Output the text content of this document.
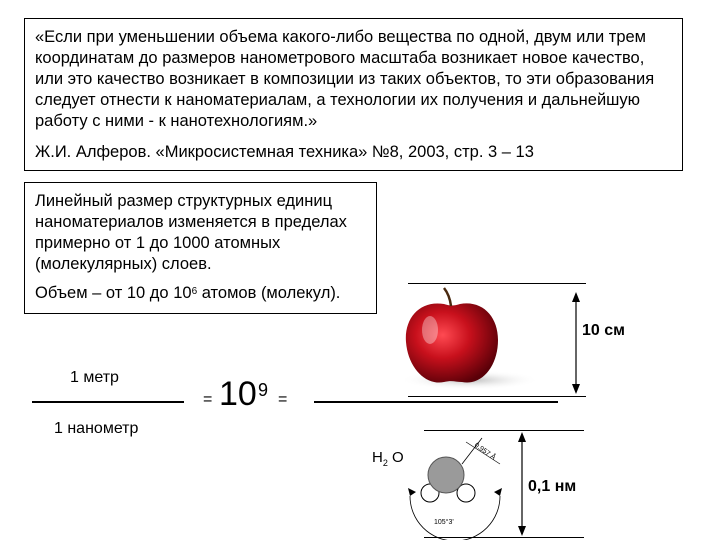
«Если при уменьшении объема какого-либо вещества по одной, двум или трем координатам до размеров нанометрового масштаба возникает новое качество, или это качество возникает в композиции из таких объектов, то эти образования следует отнести к наноматериалам, а технологии их получения и дальнейшую работу с ними - к нанотехнологиям.»

Ж.И. Алферов. «Микросистемная техника» №8, 2003, стр. 3 – 13

Линейный размер структурных единиц наноматериалов изменяется в пределах примерно от 1 до 1000 атомных (молекулярных) слоев.

Объем – от 10 до $10^6$ атомов (молекул).

1 метр
1 нанометр
= 10 9 =
10 см
$H_2$ O	0,957 Å
105°3'
0,1 нм
